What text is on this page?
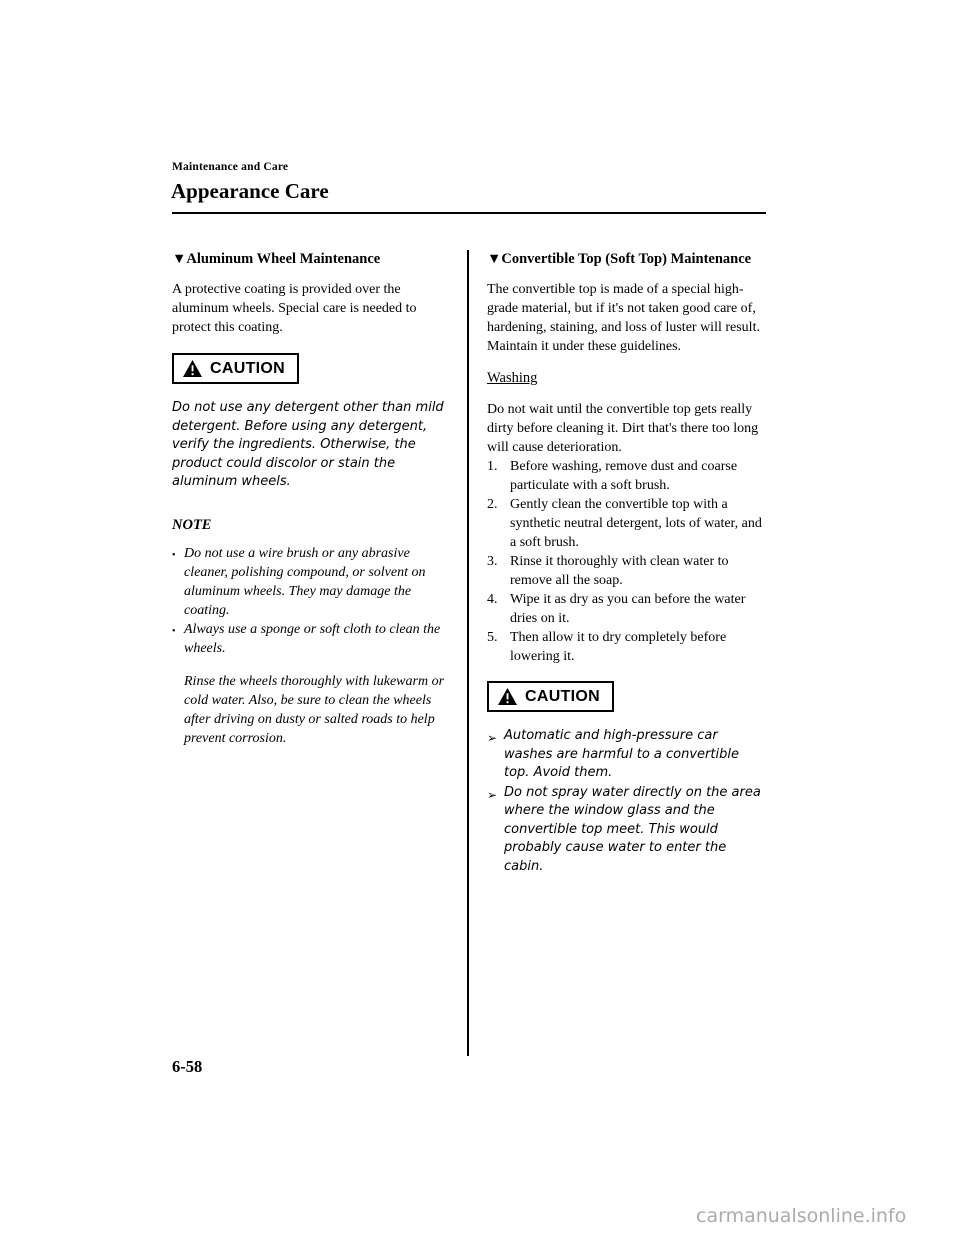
Maintenance and Care
Appearance Care
▼ Aluminum Wheel Maintenance

A protective coating is provided over the aluminum wheels. Special care is needed to protect this coating.

CAUTION

Do not use any detergent other than mild detergent. Before using any detergent, verify the ingredients. Otherwise, the product could discolor or stain the aluminum wheels.

NOTE
• Do not use a wire brush or any abrasive cleaner, polishing compound, or solvent on aluminum wheels. They may damage the coating.
• Always use a sponge or soft cloth to clean the wheels.

Rinse the wheels thoroughly with lukewarm or cold water. Also, be sure to clean the wheels after driving on dusty or salted roads to help prevent corrosion.

▼ Convertible Top (Soft Top) Maintenance

The convertible top is made of a special high-grade material, but if it's not taken good care of, hardening, staining, and loss of luster will result. Maintain it under these guidelines.

Washing

Do not wait until the convertible top gets really dirty before cleaning it. Dirt that's there too long will cause deterioration.

1. Before washing, remove dust and coarse particulate with a soft brush.
2. Gently clean the convertible top with a synthetic neutral detergent, lots of water, and a soft brush.
3. Rinse it thoroughly with clean water to remove all the soap.
4. Wipe it as dry as you can before the water dries on it.
5. Then allow it to dry completely before lowering it.
CAUTION
➢ Automatic and high-pressure car washes are harmful to a convertible top. Avoid them.
➢ Do not spray water directly on the area where the window glass and the convertible top meet. This would probably cause water to enter the cabin.
6-58
carmanualsonline.info
